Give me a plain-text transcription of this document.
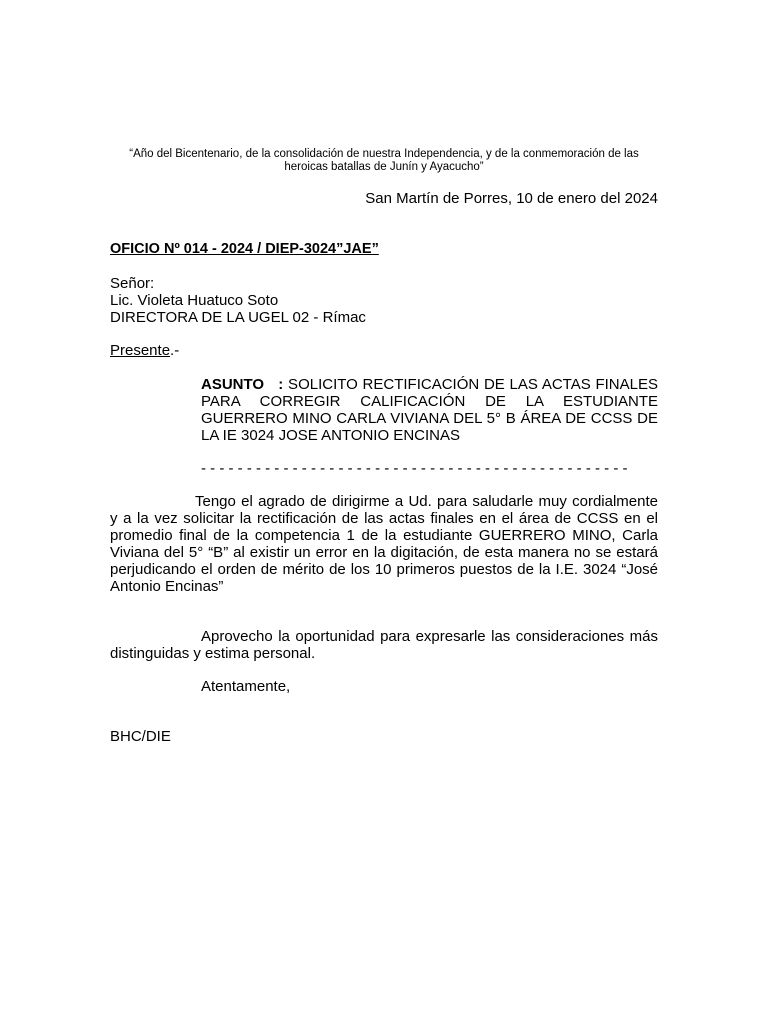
“Año del Bicentenario, de la consolidación de nuestra Independencia, y de la conmemoración de las heroicas batallas de Junín y Ayacucho”
San Martín de Porres, 10 de enero del 2024
OFICIO Nº 014 - 2024 / DIEP-3024”JAE”
Señor:
Lic. Violeta Huatuco Soto
DIRECTORA DE LA UGEL 02 - Rímac
Presente.-
ASUNTO   : SOLICITO RECTIFICACIÓN DE LAS ACTAS FINALES PARA CORREGIR CALIFICACIÓN DE LA ESTUDIANTE GUERRERO MINO CARLA VIVIANA DEL 5° B ÁREA DE CCSS DE LA IE 3024 JOSE ANTONIO ENCINAS
- - - - - - - - - - - - - - - - - - - - - - - - - - - - - - - - - - - - - - - - - - - - - - -
Tengo el agrado de dirigirme a Ud. para saludarle muy cordialmente y a la vez solicitar la rectificación de las actas finales en el área de CCSS en el promedio final de la competencia 1 de la estudiante GUERRERO MINO, Carla Viviana del 5° “B” al existir un error en la digitación, de esta manera no se estará perjudicando el orden de mérito de los 10 primeros puestos de la I.E. 3024 “José Antonio Encinas”
Aprovecho la oportunidad para expresarle las consideraciones más distinguidas y estima personal.
Atentamente,
BHC/DIE
